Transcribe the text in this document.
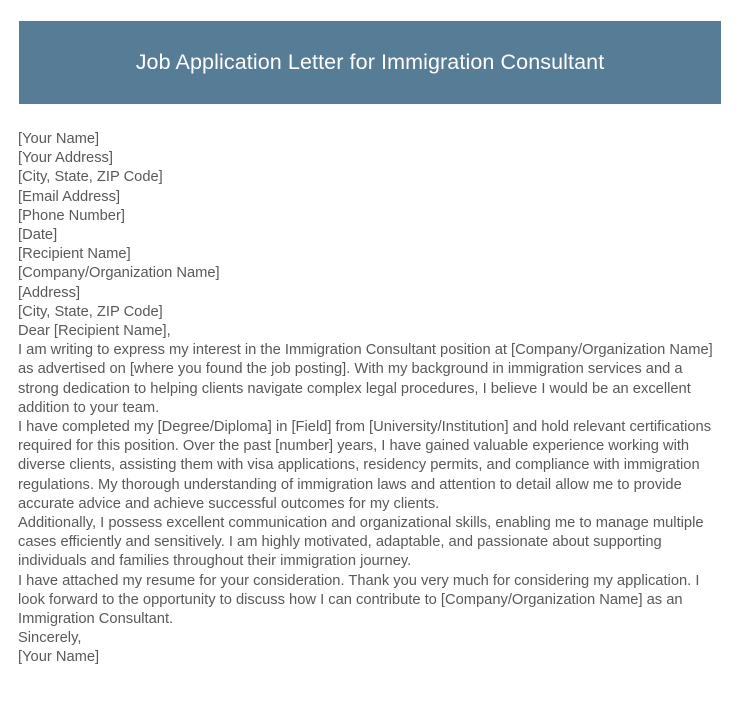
Job Application Letter for Immigration Consultant
[Your Name]
[Your Address]
[City, State, ZIP Code]
[Email Address]
[Phone Number]
[Date]
[Recipient Name]
[Company/Organization Name]
[Address]
[City, State, ZIP Code]
Dear [Recipient Name],
I am writing to express my interest in the Immigration Consultant position at [Company/Organization Name] as advertised on [where you found the job posting]. With my background in immigration services and a strong dedication to helping clients navigate complex legal procedures, I believe I would be an excellent addition to your team.
I have completed my [Degree/Diploma] in [Field] from [University/Institution] and hold relevant certifications required for this position. Over the past [number] years, I have gained valuable experience working with diverse clients, assisting them with visa applications, residency permits, and compliance with immigration regulations. My thorough understanding of immigration laws and attention to detail allow me to provide accurate advice and achieve successful outcomes for my clients.
Additionally, I possess excellent communication and organizational skills, enabling me to manage multiple cases efficiently and sensitively. I am highly motivated, adaptable, and passionate about supporting individuals and families throughout their immigration journey.
I have attached my resume for your consideration. Thank you very much for considering my application. I look forward to the opportunity to discuss how I can contribute to [Company/Organization Name] as an Immigration Consultant.
Sincerely,
[Your Name]
